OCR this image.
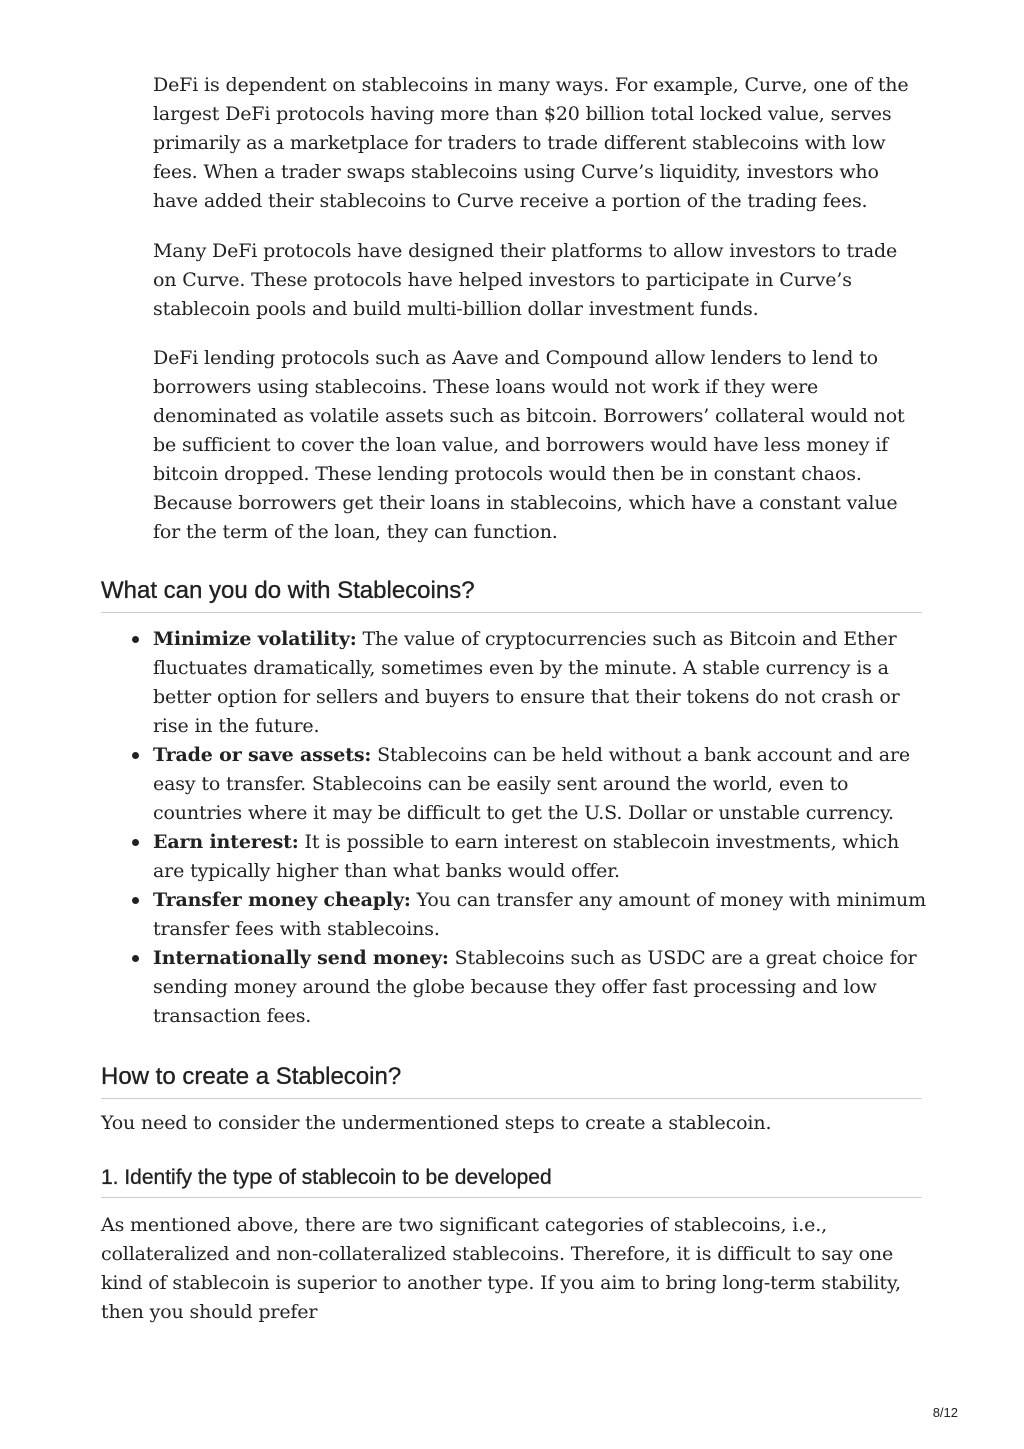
DeFi is dependent on stablecoins in many ways. For example, Curve, one of the largest DeFi protocols having more than $20 billion total locked value, serves primarily as a marketplace for traders to trade different stablecoins with low fees. When a trader swaps stablecoins using Curve’s liquidity, investors who have added their stablecoins to Curve receive a portion of the trading fees.

Many DeFi protocols have designed their platforms to allow investors to trade on Curve. These protocols have helped investors to participate in Curve’s stablecoin pools and build multi-billion dollar investment funds.

DeFi lending protocols such as Aave and Compound allow lenders to lend to borrowers using stablecoins. These loans would not work if they were denominated as volatile assets such as bitcoin. Borrowers’ collateral would not be sufficient to cover the loan value, and borrowers would have less money if bitcoin dropped. These lending protocols would then be in constant chaos. Because borrowers get their loans in stablecoins, which have a constant value for the term of the loan, they can function.

What can you do with Stablecoins?
Minimize volatility: The value of cryptocurrencies such as Bitcoin and Ether fluctuates dramatically, sometimes even by the minute. A stable currency is a better option for sellers and buyers to ensure that their tokens do not crash or rise in the future.
Trade or save assets: Stablecoins can be held without a bank account and are easy to transfer. Stablecoins can be easily sent around the world, even to countries where it may be difficult to get the U.S. Dollar or unstable currency.
Earn interest: It is possible to earn interest on stablecoin investments, which are typically higher than what banks would offer.
Transfer money cheaply: You can transfer any amount of money with minimum transfer fees with stablecoins.
Internationally send money: Stablecoins such as USDC are a great choice for sending money around the globe because they offer fast processing and low transaction fees.
How to create a Stablecoin?

You need to consider the undermentioned steps to create a stablecoin.

1. Identify the type of stablecoin to be developed

As mentioned above, there are two significant categories of stablecoins, i.e., collateralized and non-collateralized stablecoins. Therefore, it is difficult to say one kind of stablecoin is superior to another type. If you aim to bring long-term stability, then you should prefer

8/12
